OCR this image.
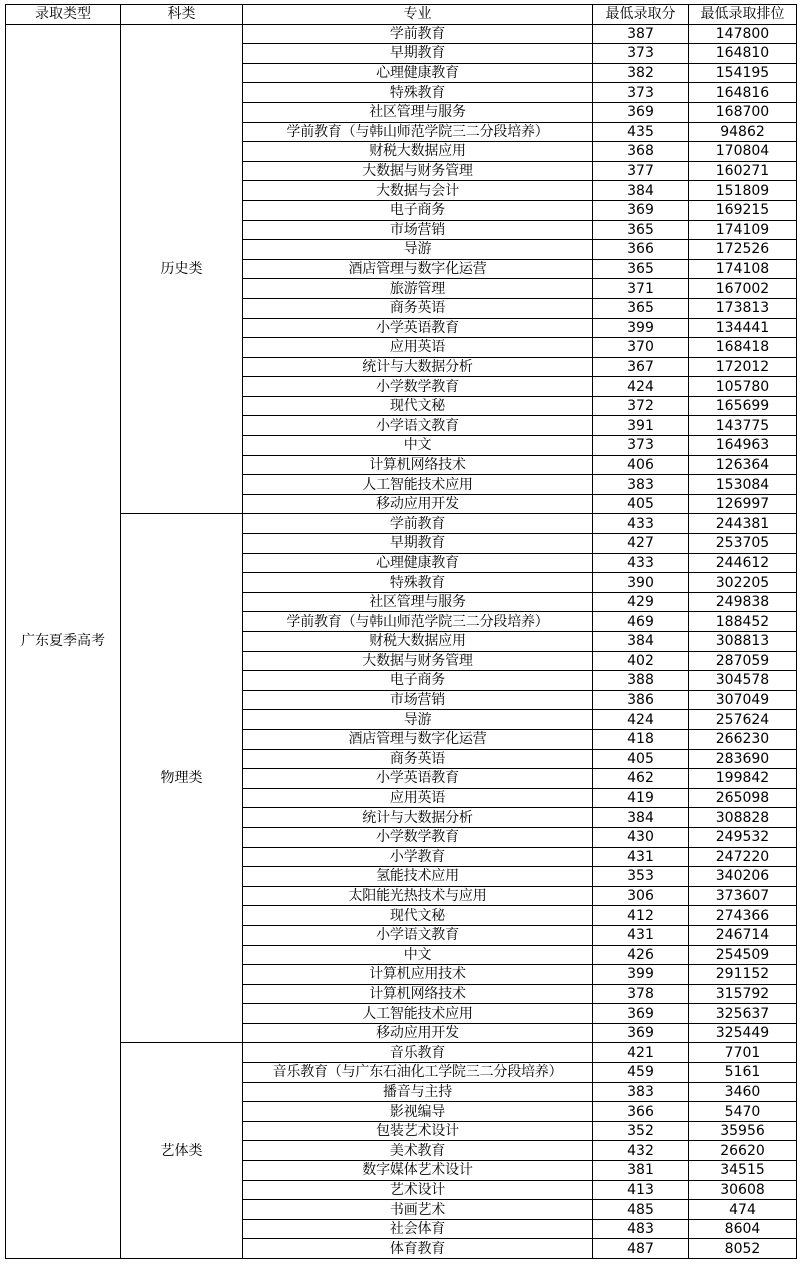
录取类型	科类	专业	最低录取分	最低录取排位
广东夏季高考	历史类	学前教育	387	147800
		早期教育	373	164810
		心理健康教育	382	154195
		特殊教育	373	164816
		社区管理与服务	369	168700
		学前教育（与韩山师范学院三二分段培养）	435	94862
		财税大数据应用	368	170804
		大数据与财务管理	377	160271
		大数据与会计	384	151809
		电子商务	369	169215
		市场营销	365	174109
		导游	366	172526
		酒店管理与数字化运营	365	174108
		旅游管理	371	167002
		商务英语	365	173813
		小学英语教育	399	134441
		应用英语	370	168418
		统计与大数据分析	367	172012
		小学数学教育	424	105780
		现代文秘	372	165699
		小学语文教育	391	143775
		中文	373	164963
		计算机网络技术	406	126364
		人工智能技术应用	383	153084
		移动应用开发	405	126997
	物理类	学前教育	433	244381
		早期教育	427	253705
		心理健康教育	433	244612
		特殊教育	390	302205
		社区管理与服务	429	249838
		学前教育（与韩山师范学院三二分段培养）	469	188452
		财税大数据应用	384	308813
		大数据与财务管理	402	287059
		电子商务	388	304578
		市场营销	386	307049
		导游	424	257624
		酒店管理与数字化运营	418	266230
		商务英语	405	283690
		小学英语教育	462	199842
		应用英语	419	265098
		统计与大数据分析	384	308828
		小学数学教育	430	249532
		小学教育	431	247220
		氢能技术应用	353	340206
		太阳能光热技术与应用	306	373607
		现代文秘	412	274366
		小学语文教育	431	246714
		中文	426	254509
		计算机应用技术	399	291152
		计算机网络技术	378	315792
		人工智能技术应用	369	325637
		移动应用开发	369	325449
	艺体类	音乐教育	421	7701
		音乐教育（与广东石油化工学院三二分段培养）	459	5161
		播音与主持	383	3460
		影视编导	366	5470
		包装艺术设计	352	35956
		美术教育	432	26620
		数字媒体艺术设计	381	34515
		艺术设计	413	30608
		书画艺术	485	474
		社会体育	483	8604
		体育教育	487	8052
